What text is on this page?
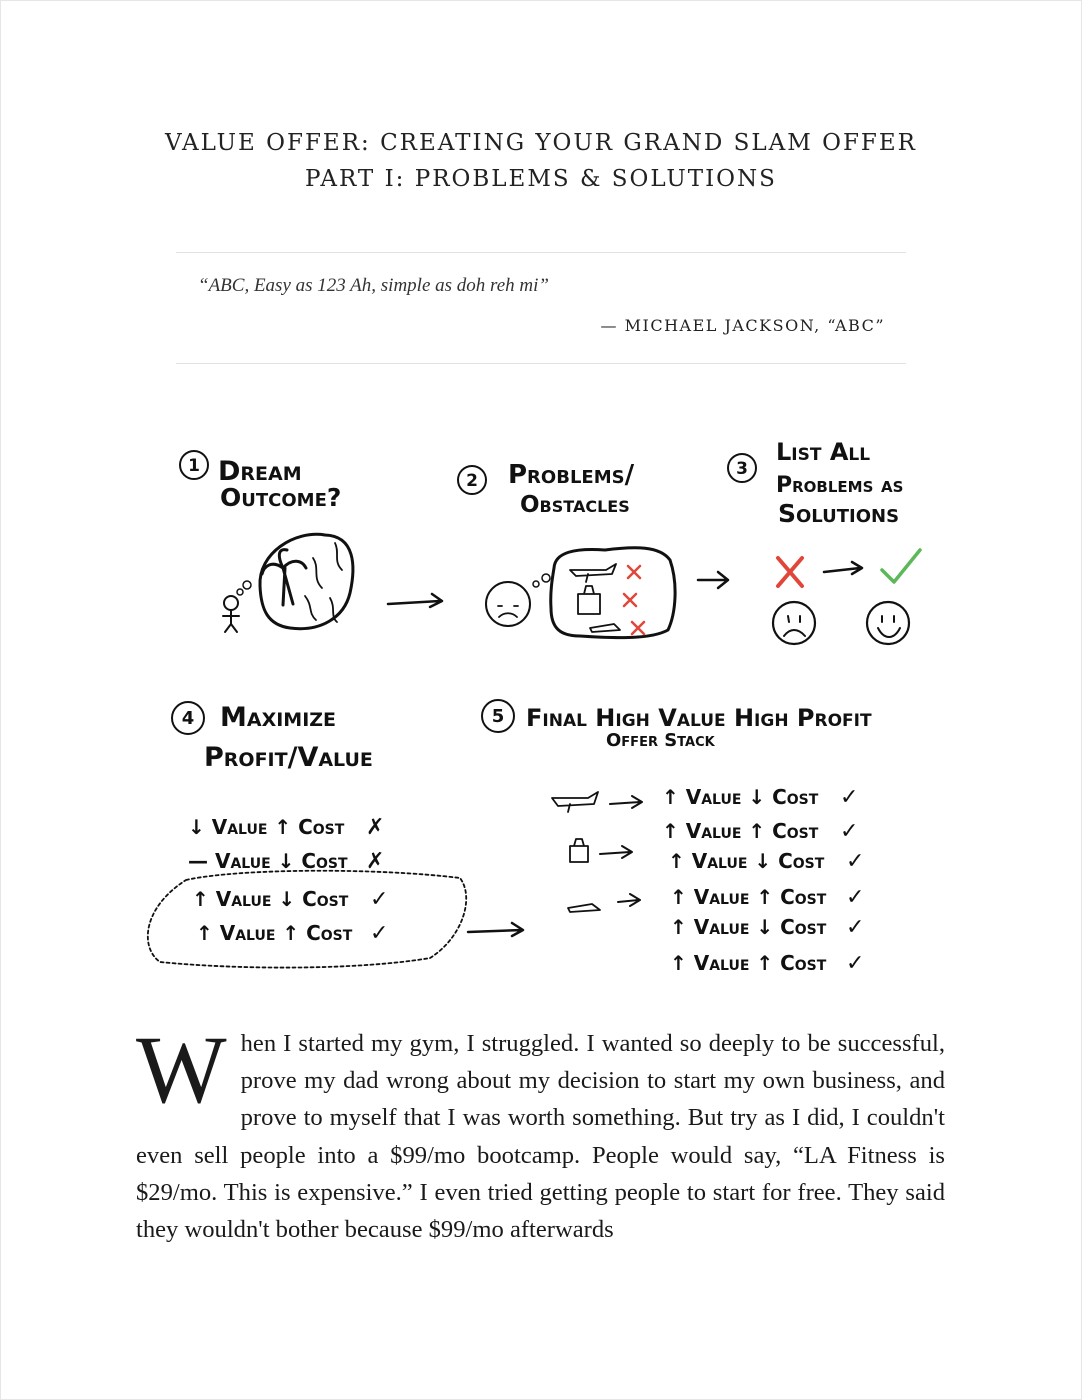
VALUE OFFER: CREATING YOUR GRAND SLAM OFFER
PART I: PROBLEMS & SOLUTIONS
“ABC, Easy as 123 Ah, simple as doh reh mi”
— MICHAEL JACKSON, “ABC”
1 Dream
Outcome?
2 Problems/
Obstacles
3
List All
Problems as
Solutions
4 Maximize
Profit/Value
↓ Value ↑ Cost ✗
— Value ↓ Cost ✗
↑ Value ↓ Cost ✓
↑ Value ↑ Cost ✓
5 Final High Value High Profit
Offer Stack
↑ Value ↓ Cost ✓
↑ Value ↑ Cost ✓
↑ Value ↓ Cost ✓
↑ Value ↑ Cost ✓
↑ Value ↓ Cost ✓
↑ Value ↑ Cost ✓
When I started my gym, I struggled. I wanted so deeply to be successful, prove my dad wrong about my decision to start my own business, and prove to myself that I was worth something. But try as I did, I couldn't even sell people into a $99/mo bootcamp. People would say, “LA Fitness is $29/mo. This is expensive.” I even tried getting people to start for free. They said they wouldn't bother because $99/mo afterwards
